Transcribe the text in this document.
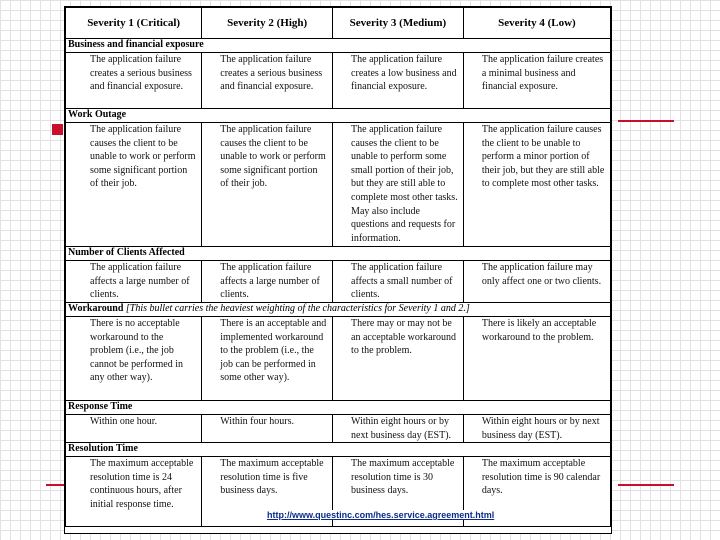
Severity 1 (Critical)	Severity 2 (High)	Severity 3 (Medium)	Severity 4 (Low)
Business and financial exposure			
The application failure creates a serious business and financial exposure.	The application failure creates a serious business and financial exposure.	The application failure creates a low business and financial exposure.	The application failure creates a minimal business and financial exposure.
Work Outage			
The application failure causes the client to be unable to work or perform some significant portion of their job.	The application failure causes the client to be unable to work or perform some significant portion of their job.	The application failure causes the client to be unable to perform some small portion of their job, but they are still able to complete most other tasks. May also include questions and requests for information.	The application failure causes the client to be unable to perform a minor portion of their job, but they are still able to complete most other tasks.
Number of Clients Affected			
The application failure affects a large number of clients.	The application failure affects a large number of clients.	The application failure affects a small number of clients.	The application failure may only affect one or two clients.
Workaround [This bullet carries the heaviest weighting of the characteristics for Severity 1 and 2.]			
There is no acceptable workaround to the problem (i.e., the job cannot be performed in any other way).	There is an acceptable and implemented workaround to the problem (i.e., the job can be performed in some other way).	There may or may not be an acceptable workaround to the problem.	There is likely an acceptable workaround to the problem.
Response Time			
Within one hour.	Within four hours.	Within eight hours or by next business day (EST).	Within eight hours or by next business day (EST).
Resolution Time			
The maximum acceptable resolution time is 24 continuous hours, after initial response time.	The maximum acceptable resolution time is five business days.	The maximum acceptable resolution time is 30 business days.	The maximum acceptable resolution time is 90 calendar days.
http://www.questinc.com/hes.service.agreement.html
